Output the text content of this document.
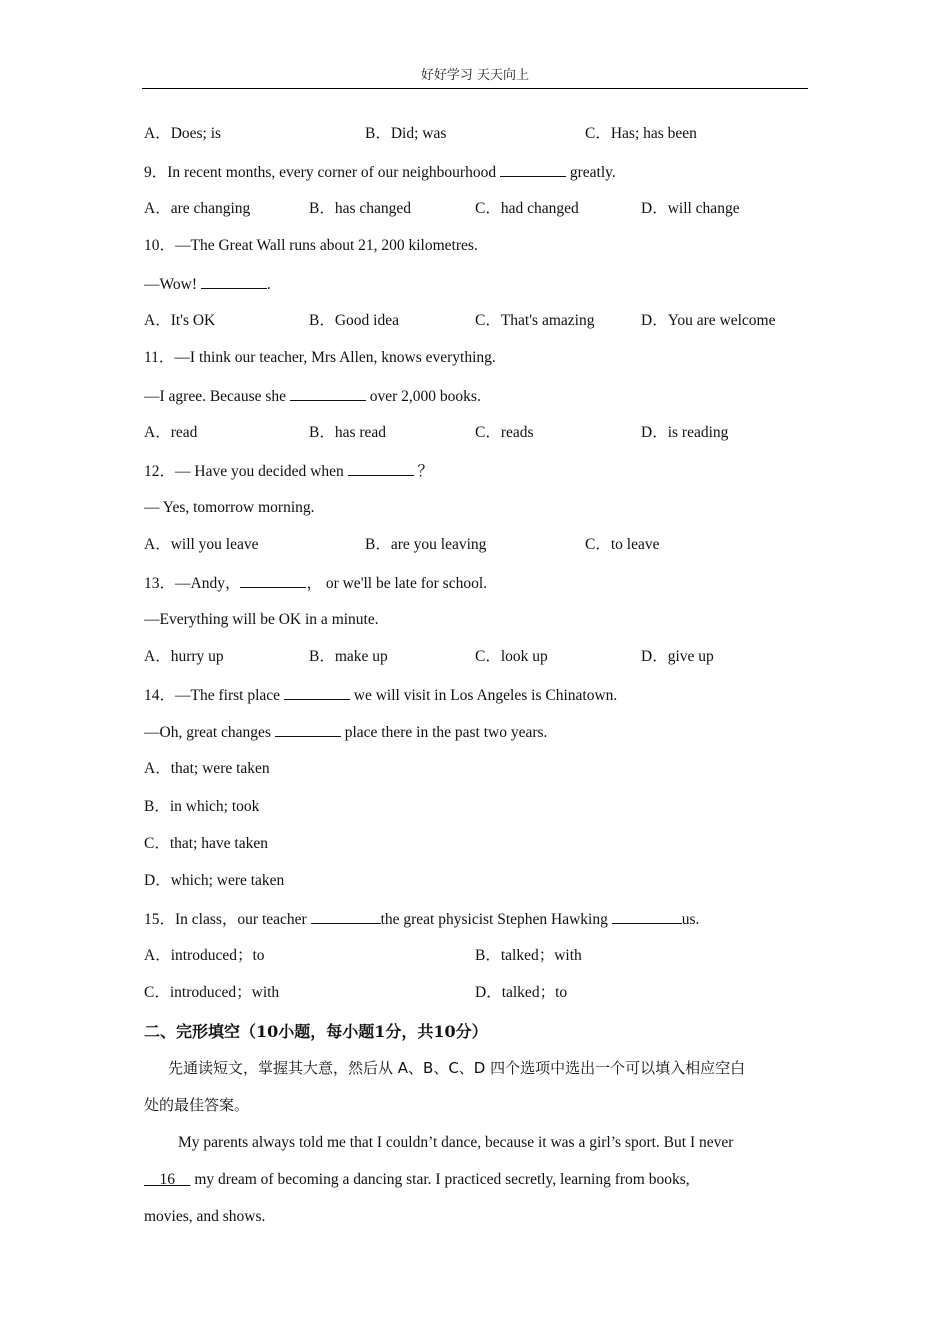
好好学习 天天向上
A．Does; is	B．Did; was	C．Has; has been
9．In recent months, every corner of our neighbourhood	greatly.
A．are changing	B．has changed	C．had changed	D．will change
10．—The Great Wall runs about 21, 200 kilometres.
—Wow!	.
A．It's OK	B．Good idea	C．That's amazing	D．You are welcome
11．—I think our teacher, Mrs Allen, knows everything.
—I agree. Because she	over 2,000 books.
A．read	B．has read	C．reads	D．is reading
12．— Have you decided when	？
— Yes, tomorrow morning.
A．will you leave	B．are you leaving	C．to leave
13．—Andy，	， or we'll be late for school.
—Everything will be OK in a minute.
A．hurry up	B．make up	C．look up	D．give up
14．—The first place	we will visit in Los Angeles is Chinatown.
—Oh, great changes	place there in the past two years.
A．that; were taken
B．in which; took
C．that; have taken
D．which; were taken
15．In class，our teacher	the great physicist Stephen Hawking	us.
A．introduced；to	B．talked；with
C．introduced；with	D．talked；to
二、完形填空（10小题，每小题1分，共10分）
先通读短文，掌握其大意，然后从 A、B、C、D 四个选项中选出一个可以填入相应空白
处的最佳答案。
My parents always told me that I couldn’t dance, because it was a girl’s sport. But I never
16     my dream of becoming a dancing star. I practiced secretly, learning from books,
movies, and shows.
